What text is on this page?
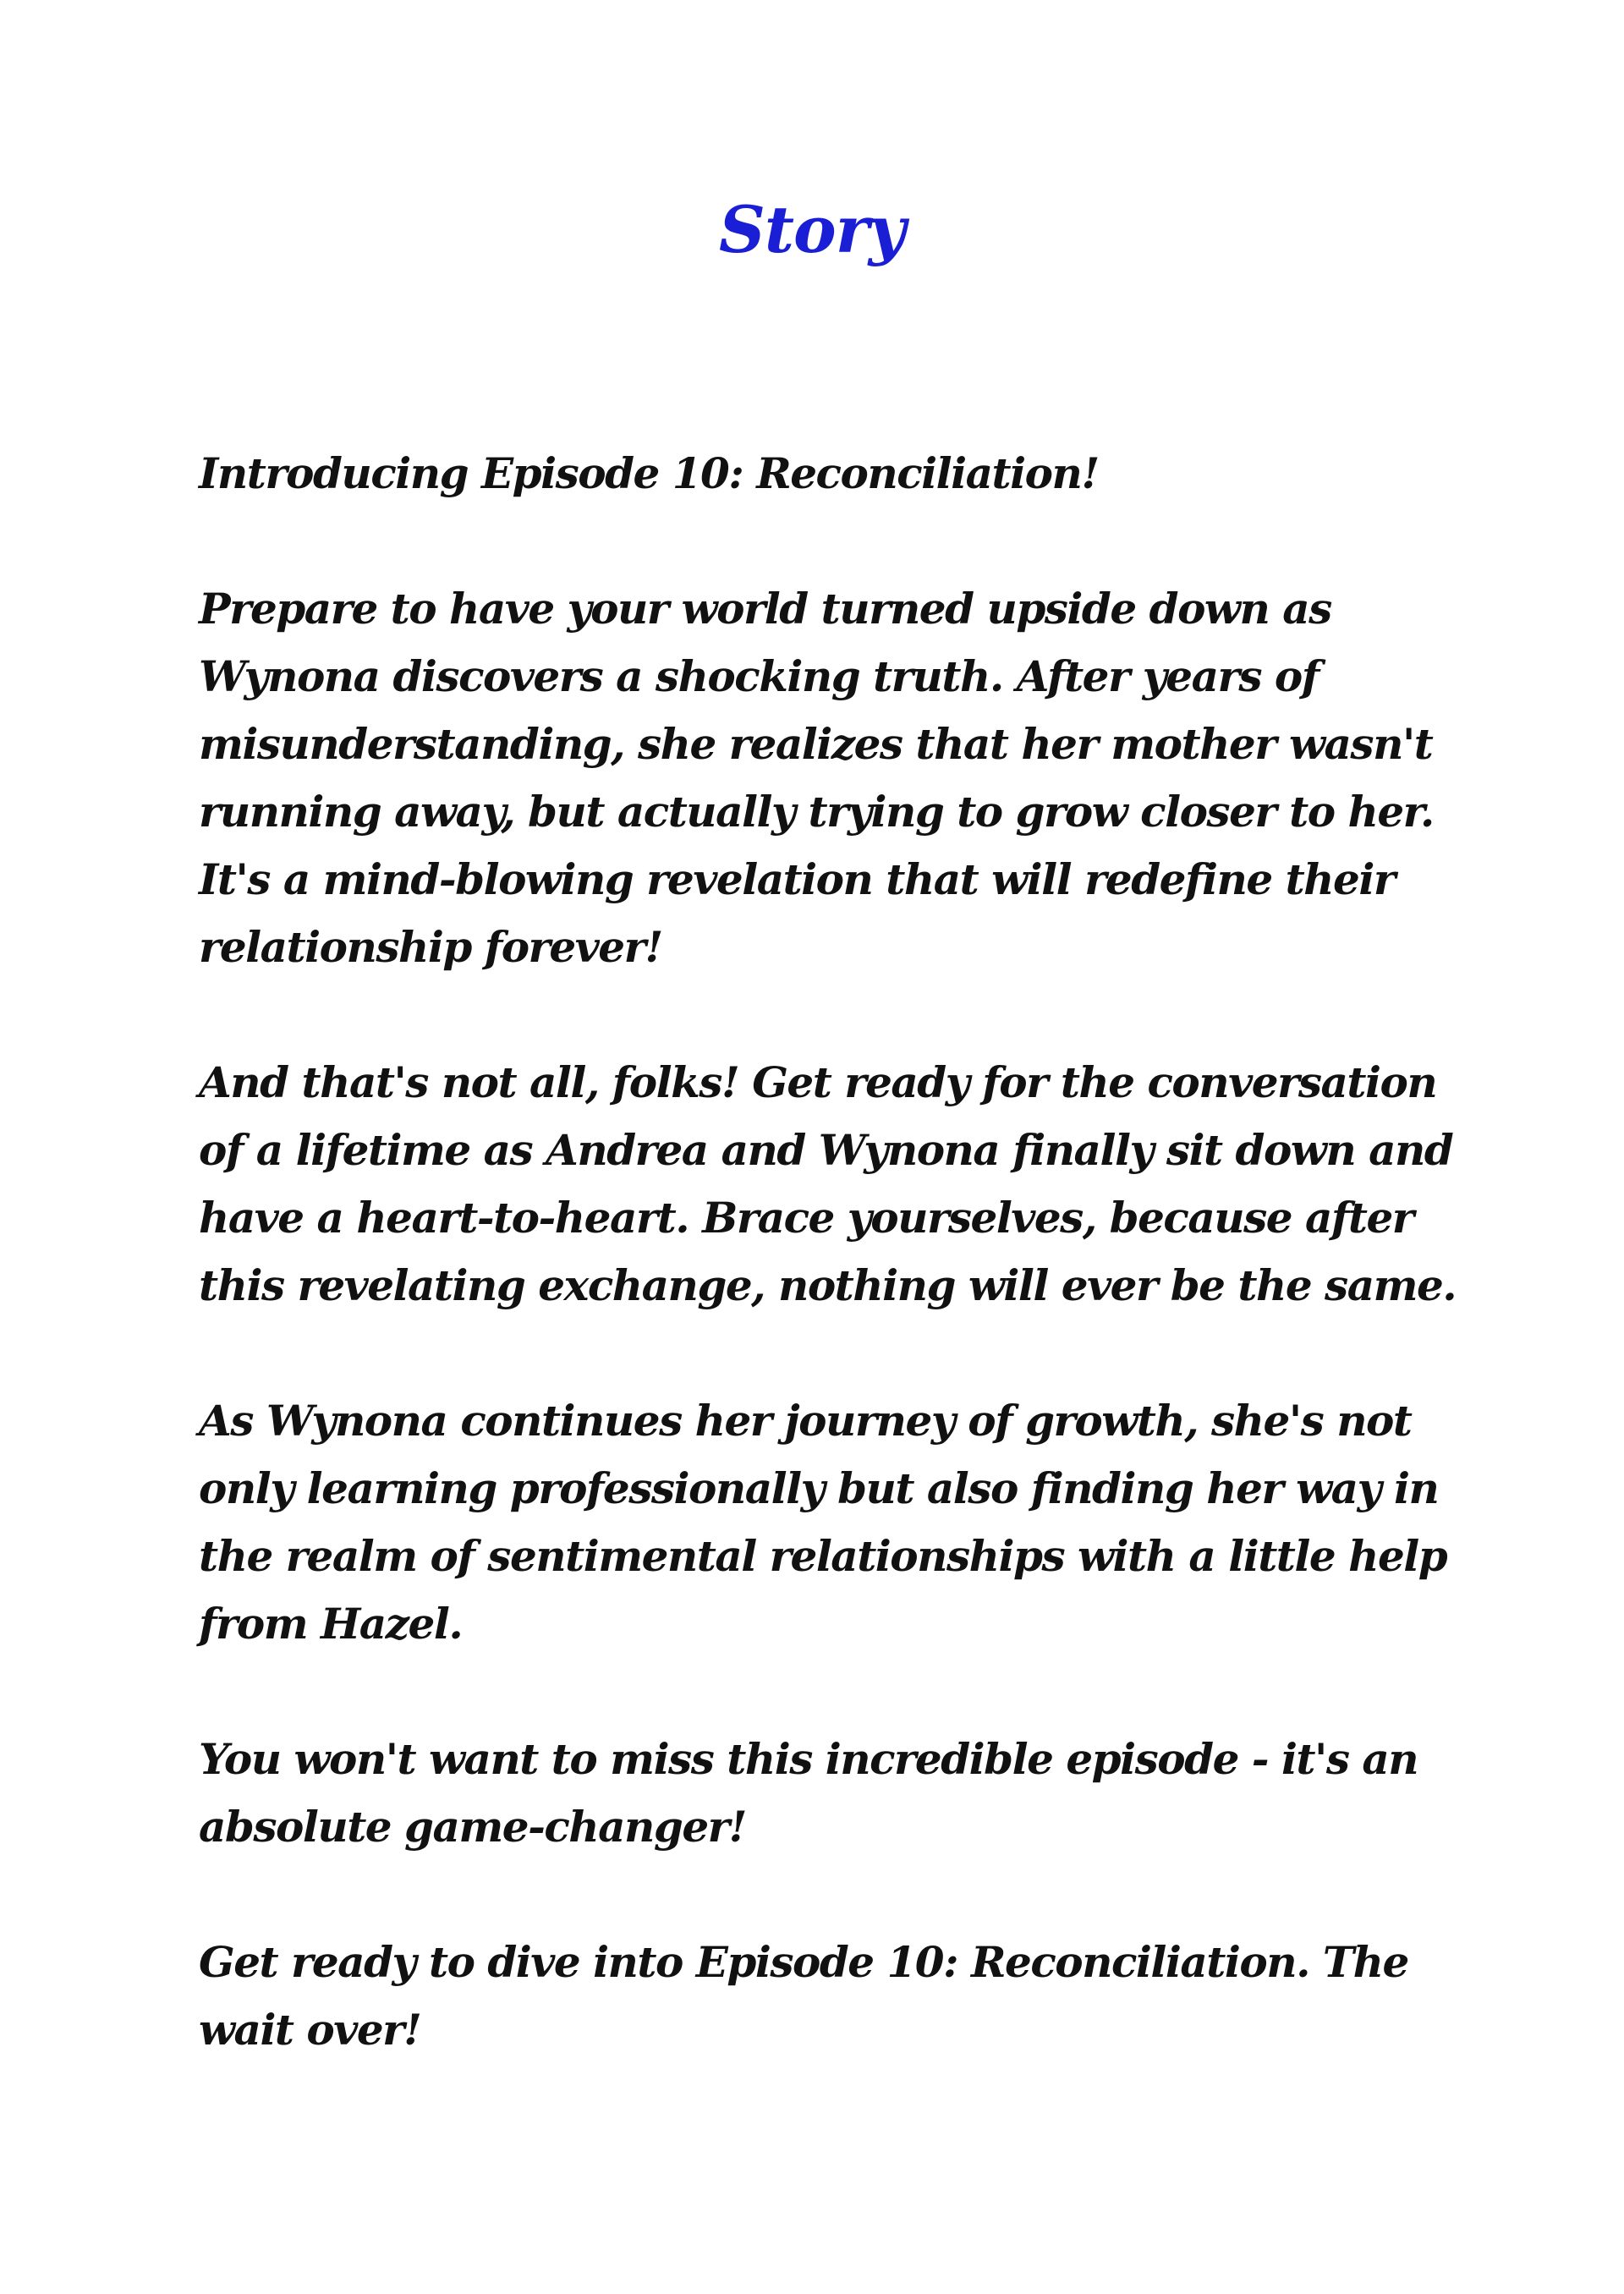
Story

Introducing Episode 10: Reconciliation!

Prepare to have your world turned upside down as Wynona discovers a shocking truth. After years of misunderstanding, she realizes that her mother wasn't running away, but actually trying to grow closer to her. It's a mind-blowing revelation that will redefine their relationship forever!

And that's not all, folks! Get ready for the conversation of a lifetime as Andrea and Wynona finally sit down and have a heart-to-heart. Brace yourselves, because after this revelating exchange, nothing will ever be the same.

As Wynona continues her journey of growth, she's not only learning professionally but also finding her way in the realm of sentimental relationships with a little help from Hazel.

You won't want to miss this incredible episode - it's an absolute game-changer!

Get ready to dive into Episode 10: Reconciliation. The wait over!
